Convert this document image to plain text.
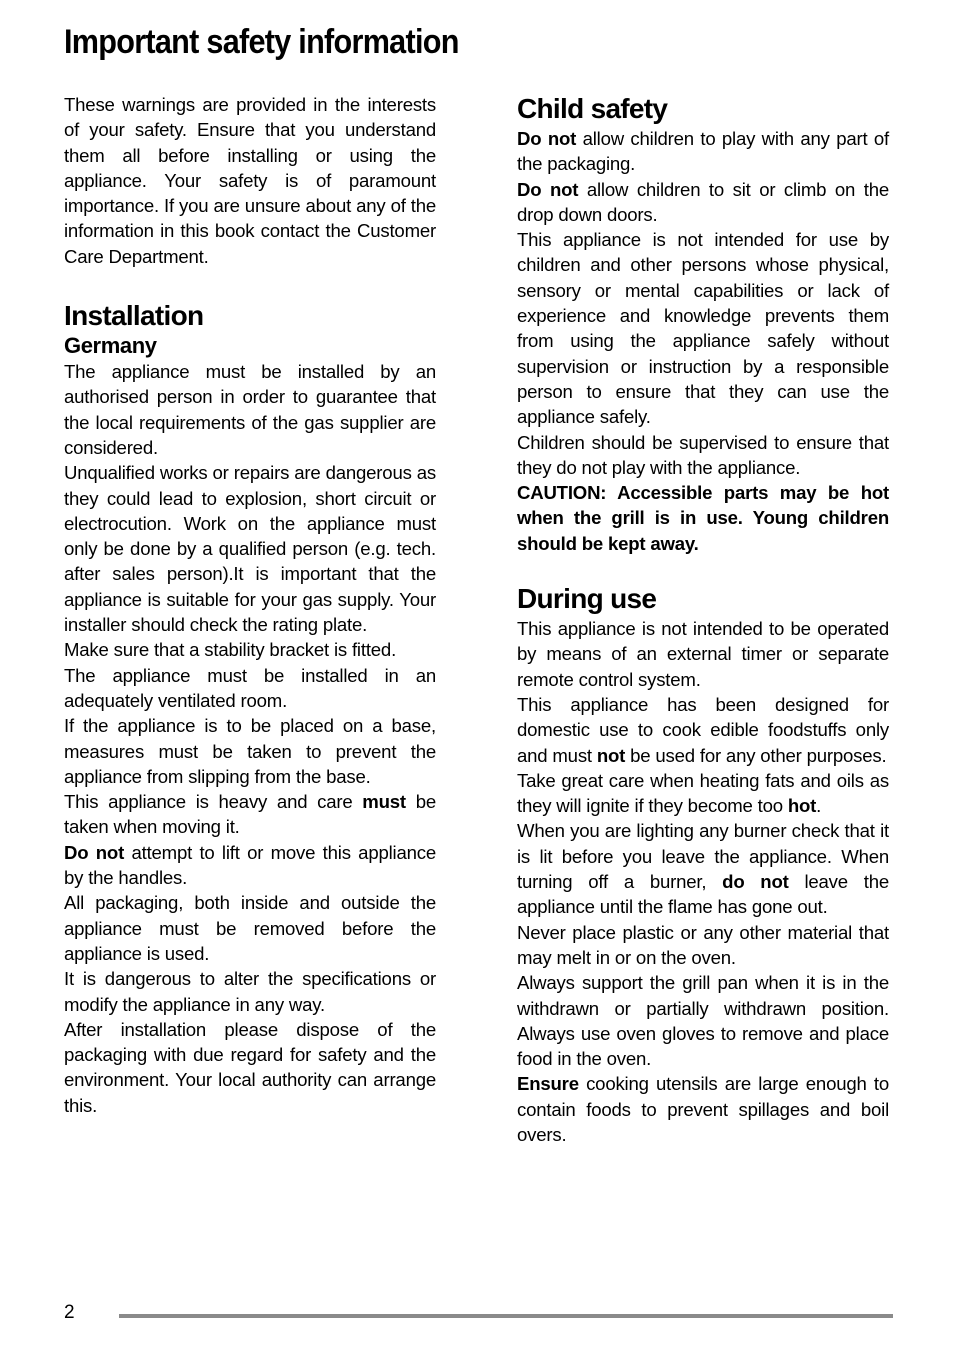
Important safety information

These warnings are provided in the interests of your safety. Ensure that you understand them all before installing or using the appliance. Your safety is of paramount importance. If you are unsure about any of the information in this book contact the Customer Care Department.

Installation
Germany

The appliance must be installed by an authorised person in order to guarantee that the local requirements of the gas supplier are considered.

Unqualified works or repairs are dangerous as they could lead to explosion, short circuit or electrocution. Work on the appliance must only be done by a qualified person (e.g. tech. after sales person).It is important that the appliance is suitable for your gas supply. Your installer should check the rating plate.

Make sure that a stability bracket is fitted.

The appliance must be installed in an adequately ventilated room.

If the appliance is to be placed on a base, measures must be taken to prevent the appliance from slipping from the base.

This appliance is heavy and care must be taken when moving it.

Do not attempt to lift or move this appliance by the handles.

All packaging, both inside and outside the appliance must be removed before the appliance is used.

It is dangerous to alter the specifications or modify the appliance in any way.

After installation please dispose of the packaging with due regard for safety and the environment. Your local authority can arrange this.

Child safety

Do not allow children to play with any part of the packaging.

Do not allow children to sit or climb on the drop down doors.

This appliance is not intended for use by children and other persons whose physical, sensory or mental capabilities or lack of experience and knowledge prevents them from using the appliance safely without supervision or instruction by a responsible person to ensure that they can use the appliance safely.

Children should be supervised to ensure that they do not play with the appliance.

CAUTION: Accessible parts may be hot when the grill is in use. Young children should be kept away.

During use

This appliance is not intended to be operated by means of an external timer or separate remote control system.

This appliance has been designed for domestic use to cook edible foodstuffs only and must not be used for any other purposes.

Take great care when heating fats and oils as they will ignite if they become too hot.

When you are lighting any burner check that it is lit before you leave the appliance. When turning off a burner, do not leave the appliance until the flame has gone out.

Never place plastic or any other material that may melt in or on the oven.

Always support the grill pan when it is in the withdrawn or partially withdrawn position. Always use oven gloves to remove and place food in the oven.

Ensure cooking utensils are large enough to contain foods to prevent spillages and boil overs.

2
